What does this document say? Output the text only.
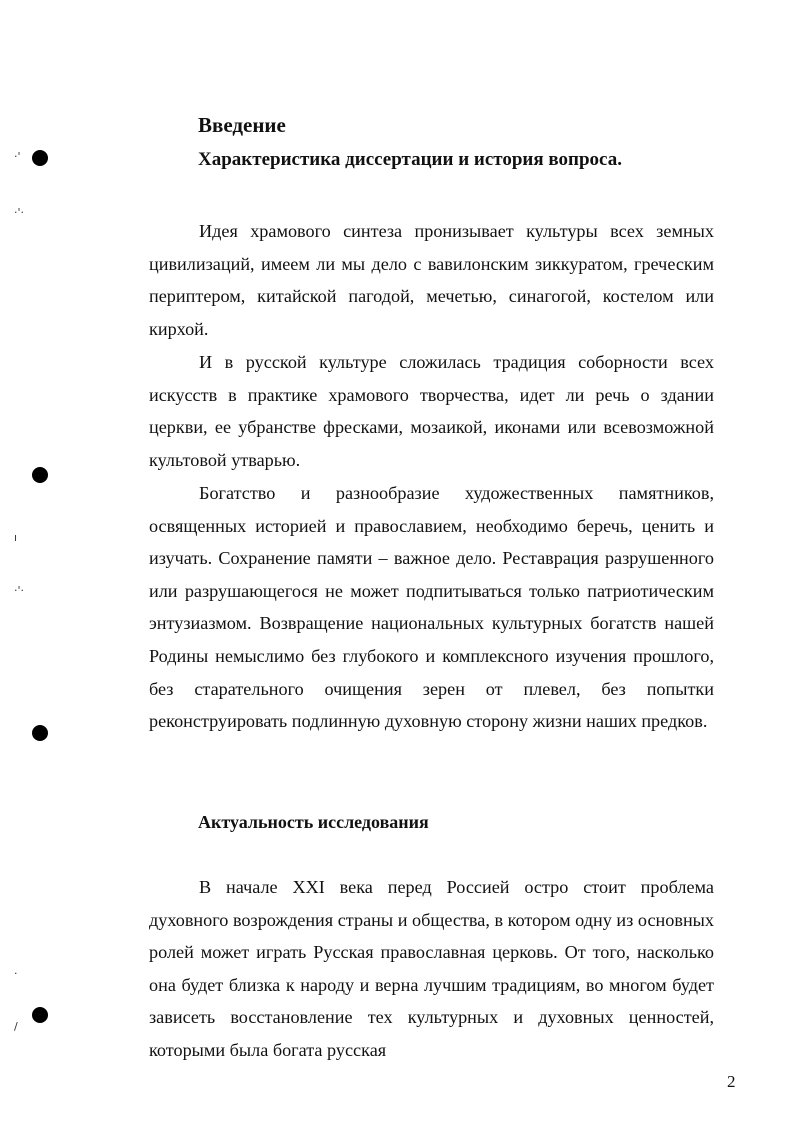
·'
·'·
ı
·'·
·
/
Введение
Характеристика диссертации и история вопроса.

Идея храмового синтеза пронизывает культуры всех земных цивилизаций, имеем ли мы дело с вавилонским зиккуратом, греческим периптером, китайской пагодой, мечетью, синагогой, костелом или кирхой.

И в русской культуре сложилась традиция соборности всех искусств в практике храмового творчества, идет ли речь о здании церкви, ее убранстве фресками, мозаикой, иконами или всевозможной культовой утварью.

Богатство и разнообразие художественных памятников, освященных историей и православием, необходимо беречь, ценить и изучать. Сохранение памяти – важное дело. Реставрация разрушенного или разрушающегося не может подпитываться только патриотическим энтузиазмом. Возвращение национальных культурных богатств нашей Родины немыслимо без глубокого и комплексного изучения прошлого, без старательного очищения зерен от плевел, без попытки реконструировать подлинную духовную сторону жизни наших предков.

Актуальность исследования

В начале XXI века перед Россией остро стоит проблема духовного возрождения страны и общества, в котором одну из основных ролей может играть Русская православная церковь. От того, насколько она будет близка к народу и верна лучшим традициям, во многом будет зависеть восстановление тех культурных и духовных ценностей, которыми была богата русская

2
